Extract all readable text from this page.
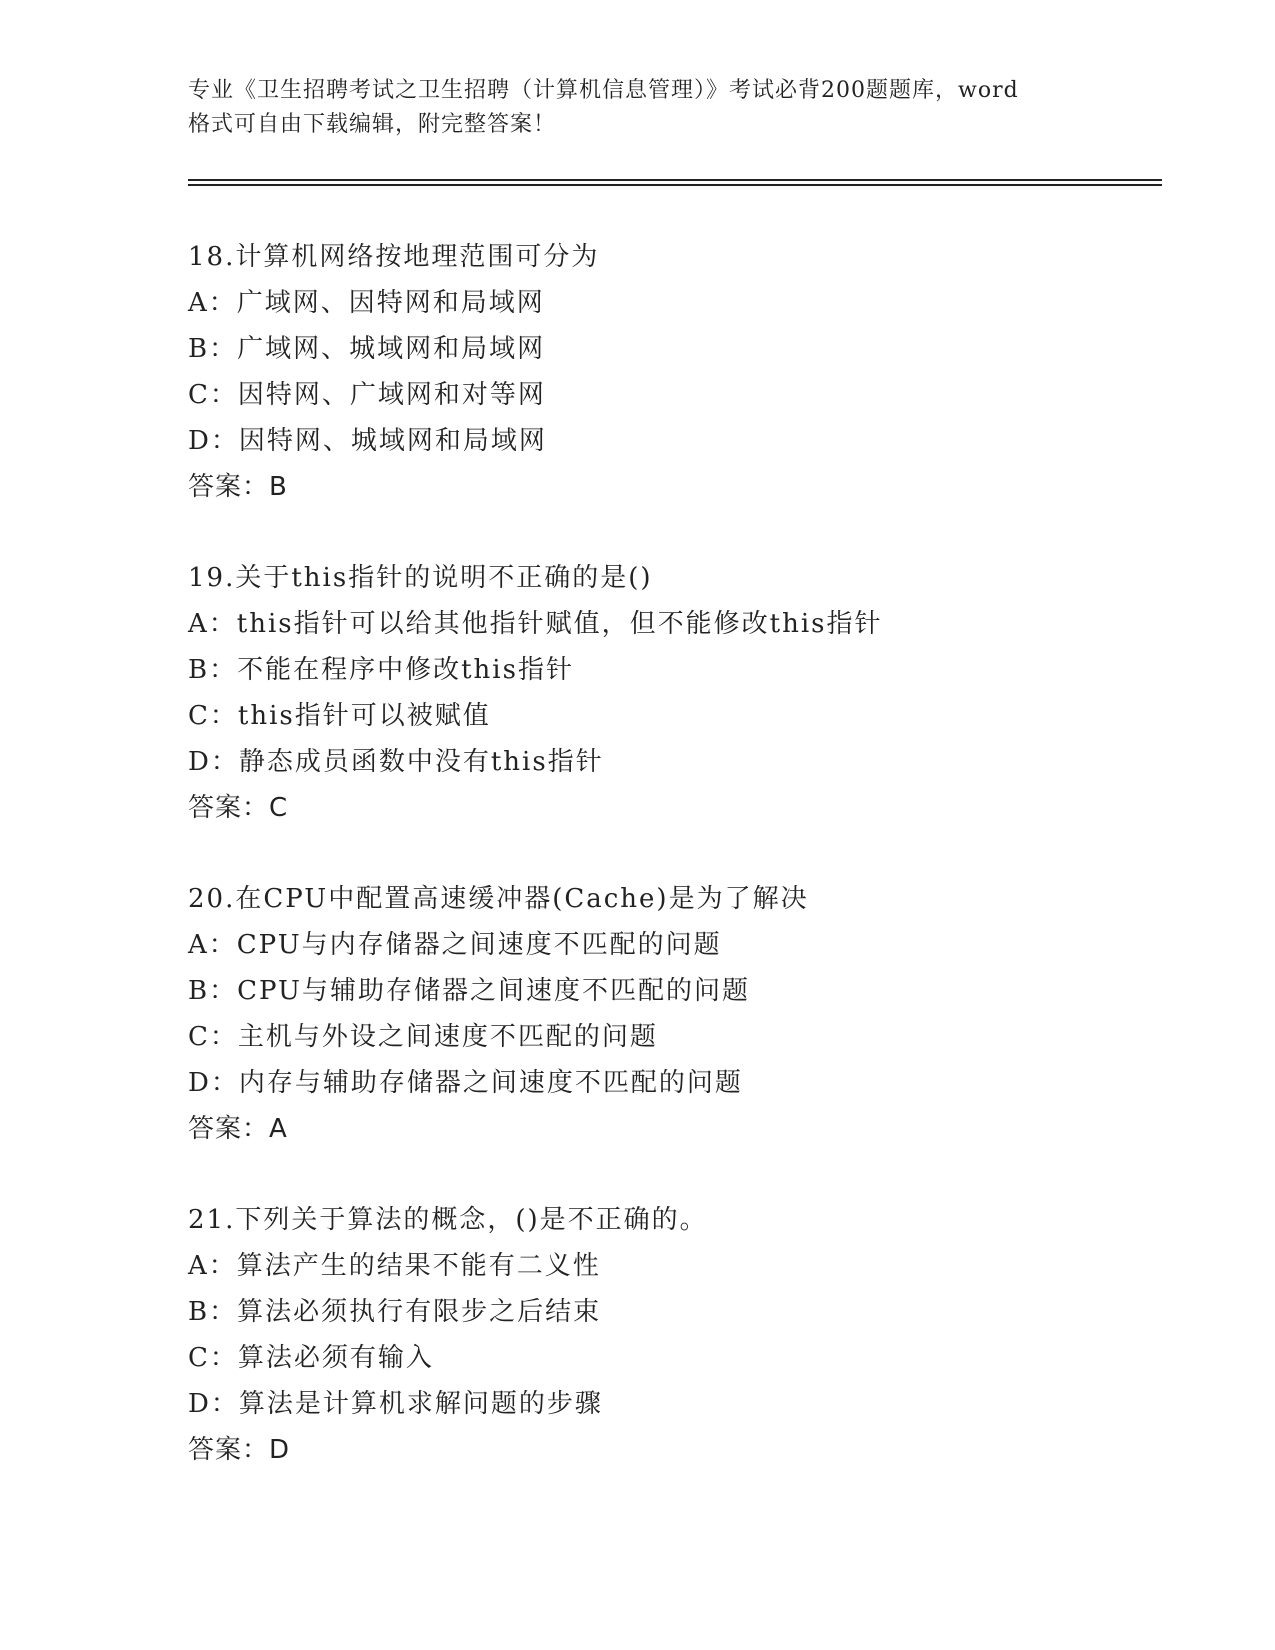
专业《卫生招聘考试之卫生招聘（计算机信息管理）》考试必背200题题库，word
格式可自由下载编辑，附完整答案！
18.计算机网络按地理范围可分为
A：广域网、因特网和局域网
B：广域网、城域网和局域网
C：因特网、广域网和对等网
D：因特网、城域网和局域网
答案：B
19.关于this指针的说明不正确的是()
A：this指针可以给其他指针赋值，但不能修改this指针
B：不能在程序中修改this指针
C：this指针可以被赋值
D：静态成员函数中没有this指针
答案：C
20.在CPU中配置高速缓冲器(Cache)是为了解决
A：CPU与内存储器之间速度不匹配的问题
B：CPU与辅助存储器之间速度不匹配的问题
C：主机与外设之间速度不匹配的问题
D：内存与辅助存储器之间速度不匹配的问题
答案：A
21.下列关于算法的概念，()是不正确的。
A：算法产生的结果不能有二义性
B：算法必须执行有限步之后结束
C：算法必须有输入
D：算法是计算机求解问题的步骤
答案：D
